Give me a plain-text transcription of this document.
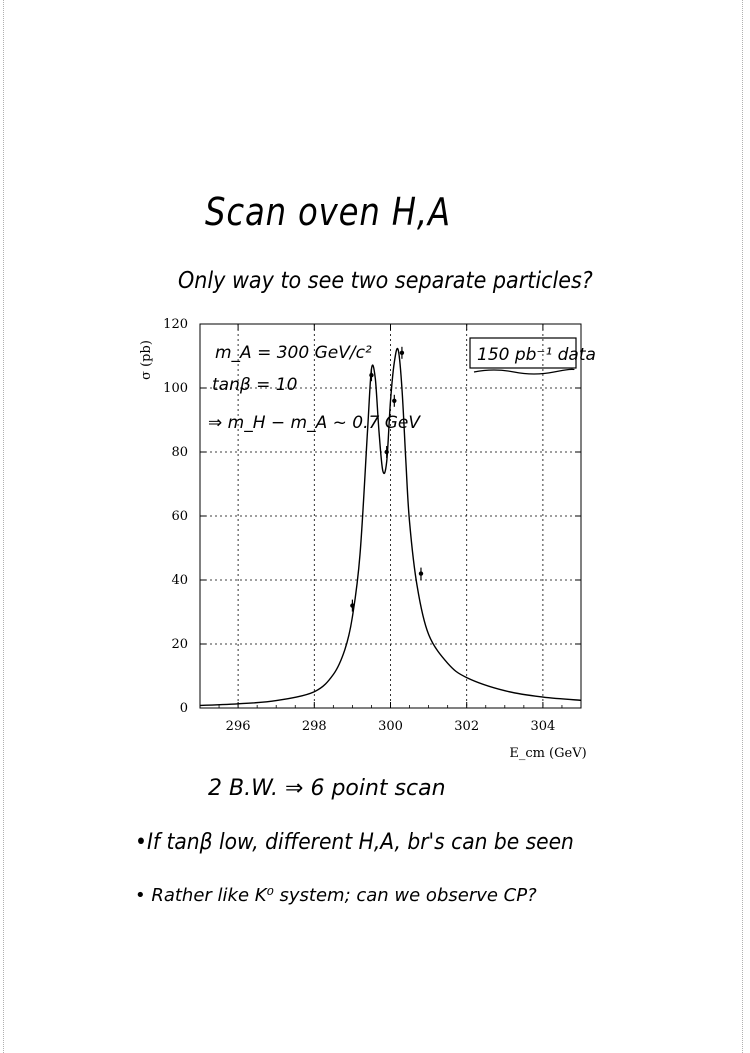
Scan oven H,A
Only way to see two separate particles?
0
20
40
60
80
100
120
296	298	300	302	304
σ (pb)
E_cm (GeV)
m_A = 300 GeV/c²
tanβ = 10
⇒ m_H − m_A ~ 0.7 GeV
150 pb⁻¹ data
2 B.W. ⇒ 6 point scan
•If tanβ low, different H,A, br's can be seen
• Rather like K⁰ system; can we observe CP?
